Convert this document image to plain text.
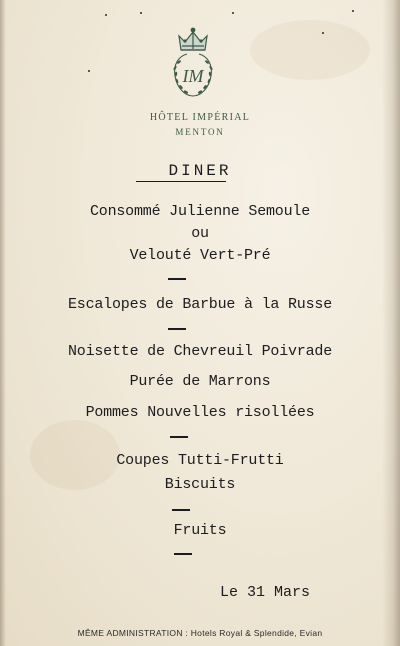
IM
HÔTEL IMPÉRIAL
MENTON
DINER
Consommé Julienne Semoule
ou
Velouté Vert-Pré
Escalopes de Barbue à la Russe
Noisette de Chevreuil Poivrade
Purée de Marrons
Pommes Nouvelles risollées
Coupes Tutti-Frutti
Biscuits
Fruits
Le 31 Mars
MÊME ADMINISTRATION : Hotels Royal & Splendide, Evian
